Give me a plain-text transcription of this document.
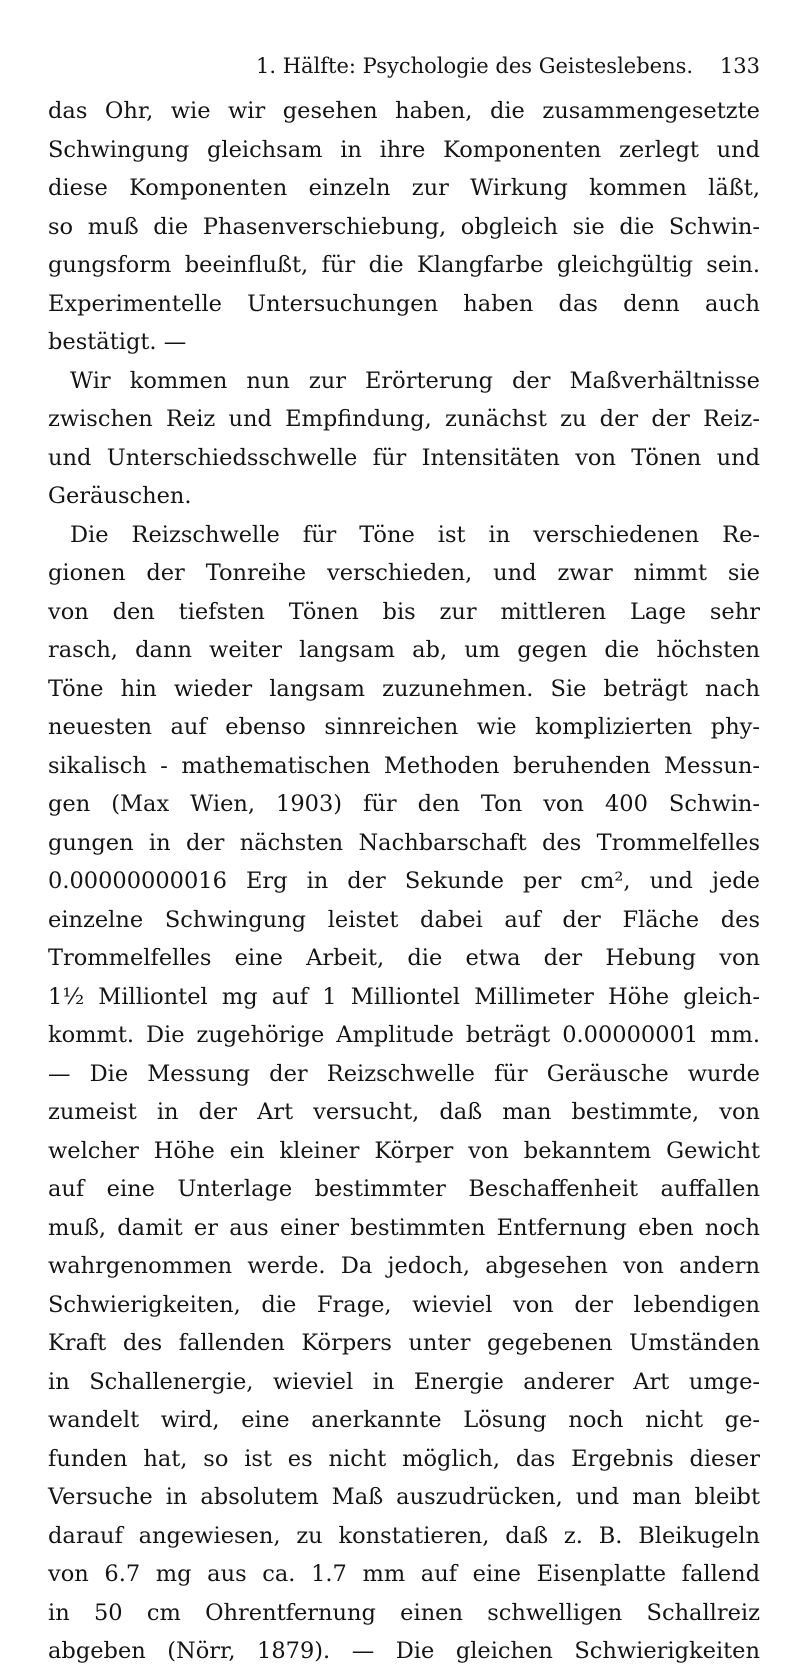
1. Hälfte: Psychologie des Geisteslebens. 133
das Ohr, wie wir gesehen haben, die zusammengesetzte
Schwingung gleichsam in ihre Komponenten zerlegt und
diese Komponenten einzeln zur Wirkung kommen läßt,
so muß die Phasenverschiebung, obgleich sie die Schwin-
gungsform beeinflußt, für die Klangfarbe gleichgültig sein.
Experimentelle Untersuchungen haben das denn auch
bestätigt. —
Wir kommen nun zur Erörterung der Maßverhältnisse
zwischen Reiz und Empfindung, zunächst zu der der Reiz-
und Unterschiedsschwelle für Intensitäten von Tönen und
Geräuschen.
Die Reizschwelle für Töne ist in verschiedenen Re-
gionen der Tonreihe verschieden, und zwar nimmt sie
von den tiefsten Tönen bis zur mittleren Lage sehr
rasch, dann weiter langsam ab, um gegen die höchsten
Töne hin wieder langsam zuzunehmen. Sie beträgt nach
neuesten auf ebenso sinnreichen wie komplizierten phy-
sikalisch - mathematischen Methoden beruhenden Messun-
gen (Max Wien, 1903) für den Ton von 400 Schwin-
gungen in der nächsten Nachbarschaft des Trommelfelles
0.00000000016 Erg in der Sekunde per cm², und jede
einzelne Schwingung leistet dabei auf der Fläche des
Trommelfelles eine Arbeit, die etwa der Hebung von
1½ Milliontel mg auf 1 Milliontel Millimeter Höhe gleich-
kommt. Die zugehörige Amplitude beträgt 0.00000001 mm.
— Die Messung der Reizschwelle für Geräusche wurde
zumeist in der Art versucht, daß man bestimmte, von
welcher Höhe ein kleiner Körper von bekanntem Gewicht
auf eine Unterlage bestimmter Beschaffenheit auffallen
muß, damit er aus einer bestimmten Entfernung eben noch
wahrgenommen werde. Da jedoch, abgesehen von andern
Schwierigkeiten, die Frage, wieviel von der lebendigen
Kraft des fallenden Körpers unter gegebenen Umständen
in Schallenergie, wieviel in Energie anderer Art umge-
wandelt wird, eine anerkannte Lösung noch nicht ge-
funden hat, so ist es nicht möglich, das Ergebnis dieser
Versuche in absolutem Maß auszudrücken, und man bleibt
darauf angewiesen, zu konstatieren, daß z. B. Bleikugeln
von 6.7 mg aus ca. 1.7 mm auf eine Eisenplatte fallend
in 50 cm Ohrentfernung einen schwelligen Schallreiz
abgeben (Nörr, 1879). — Die gleichen Schwierigkeiten
